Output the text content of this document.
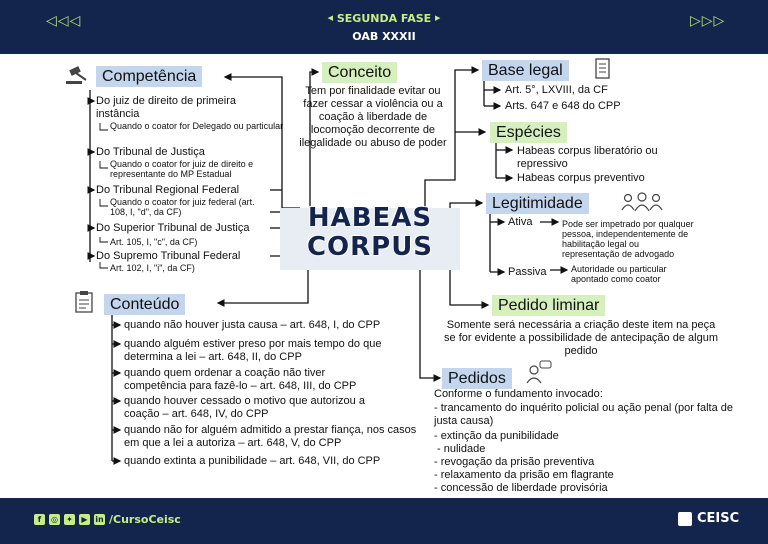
◁◁◁	▷▷▷
◀ SEGUNDA FASE ▶
OAB XXXII
HABEAS
CORPUS
Competência
Do juiz de direito de primeira instância
Quando o coator for Delegado ou particular
Do Tribunal de Justiça
Quando o coator for juiz de direito e representante do MP Estadual
Do Tribunal Regional Federal
Quando o coator for juiz federal (art. 108, I, "d", da CF)
Do Superior Tribunal de Justiça
Art. 105, I, "c", da CF)
Do Supremo Tribunal Federal
Art. 102, I, "i", da CF)
Conceito
Tem por finalidade evitar ou fazer cessar a violência ou a coação à liberdade de locomoção decorrente de ilegalidade ou abuso de poder
Base legal
Art. 5°, LXVIII, da CF
Arts. 647 e 648 do CPP
Espécies
Habeas corpus liberatório ou repressivo
Habeas corpus preventivo
Legitimidade
Ativa	Pode ser impetrado por qualquer pessoa, independentemente de habilitação legal ou representação de advogado
Passiva	Autoridade ou particular apontado como coator
Pedido liminar
Somente será necessária a criação deste item na peça se for evidente a possibilidade de antecipação de algum pedido
Conteúdo
quando não houver justa causa – art. 648, I, do CPP
quando alguém estiver preso por mais tempo do que determina a lei – art. 648, II, do CPP
quando quem ordenar a coação não tiver competência para fazê-lo – art. 648, III, do CPP
quando houver cessado o motivo que autorizou a coação – art. 648, IV, do CPP
quando não for alguém admitido a prestar fiança, nos casos em que a lei a autoriza – art. 648, V, do CPP
quando extinta a punibilidade – art. 648, VII, do CPP
Pedidos
Conforme o fundamento invocado:
- trancamento do inquérito policial ou ação penal (por falta de justa causa)
- extinção da punibilidade
- nulidade
- revogação da prisão preventiva
- relaxamento da prisão em flagrante
- concessão de liberdade provisória
f	◎ ✦	▶ in /CursoCeisc	CEISC
